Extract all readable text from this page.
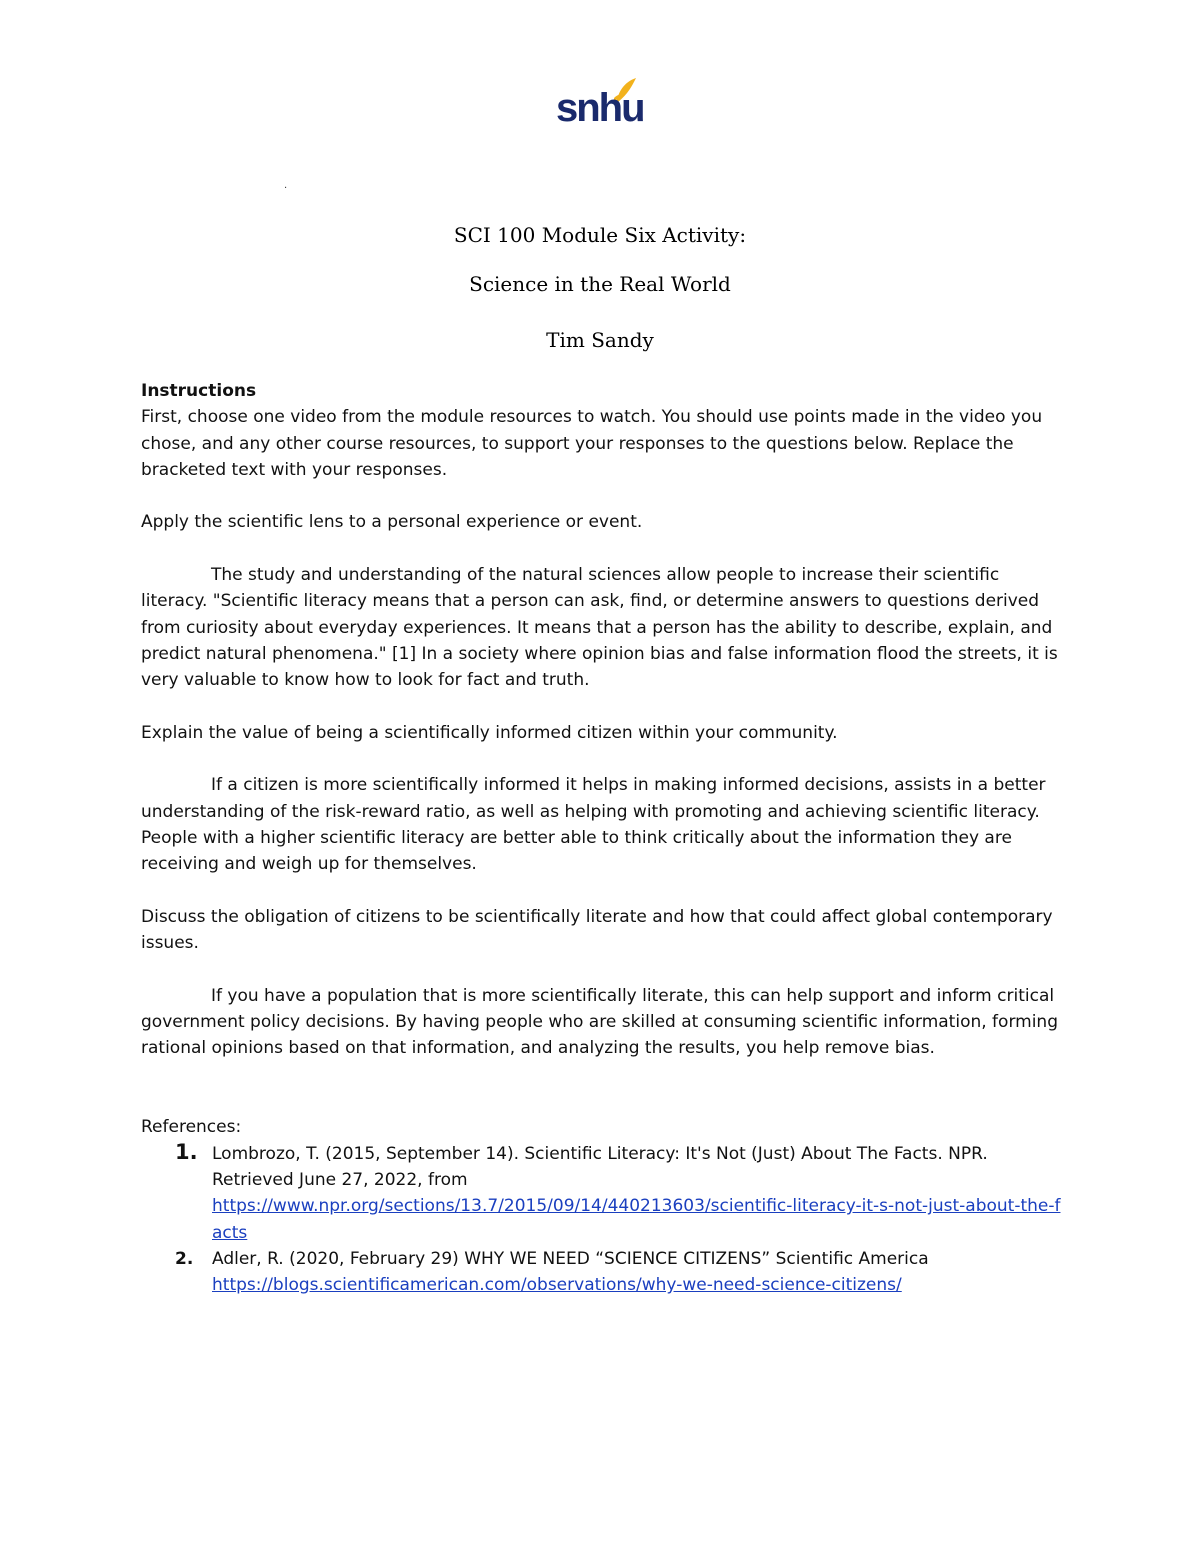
snhu
.
SCI 100 Module Six Activity:
Science in the Real World
Tim Sandy

Instructions

First, choose one video from the module resources to watch. You should use points made in the video you chose, and any other course resources, to support your responses to the questions below. Replace the bracketed text with your responses.

Apply the scientific lens to a personal experience or event.

The study and understanding of the natural sciences allow people to increase their scientific literacy. "Scientific literacy means that a person can ask, find, or determine answers to questions derived from curiosity about everyday experiences. It means that a person has the ability to describe, explain, and predict natural phenomena." [1] In a society where opinion bias and false information flood the streets, it is very valuable to know how to look for fact and truth.

Explain the value of being a scientifically informed citizen within your community.

If a citizen is more scientifically informed it helps in making informed decisions, assists in a better understanding of the risk-reward ratio, as well as helping with promoting and achieving scientific literacy. People with a higher scientific literacy are better able to think critically about the information they are receiving and weigh up for themselves.

Discuss the obligation of citizens to be scientifically literate and how that could affect global contemporary issues.

If you have a population that is more scientifically literate, this can help support and inform critical government policy decisions. By having people who are skilled at consuming scientific information, forming rational opinions based on that information, and analyzing the results, you help remove bias.

References:

1. Lombrozo, T. (2015, September 14). Scientific Literacy: It's Not (Just) About The Facts. NPR. Retrieved June 27, 2022, from
https://www.npr.org/sections/13.7/2015/09/14/440213603/scientific-literacy-it-s-not-just-about-the-facts
2. Adler, R. (2020, February 29) WHY WE NEED “SCIENCE CITIZENS” Scientific America
https://blogs.scientificamerican.com/observations/why-we-need-science-citizens/
